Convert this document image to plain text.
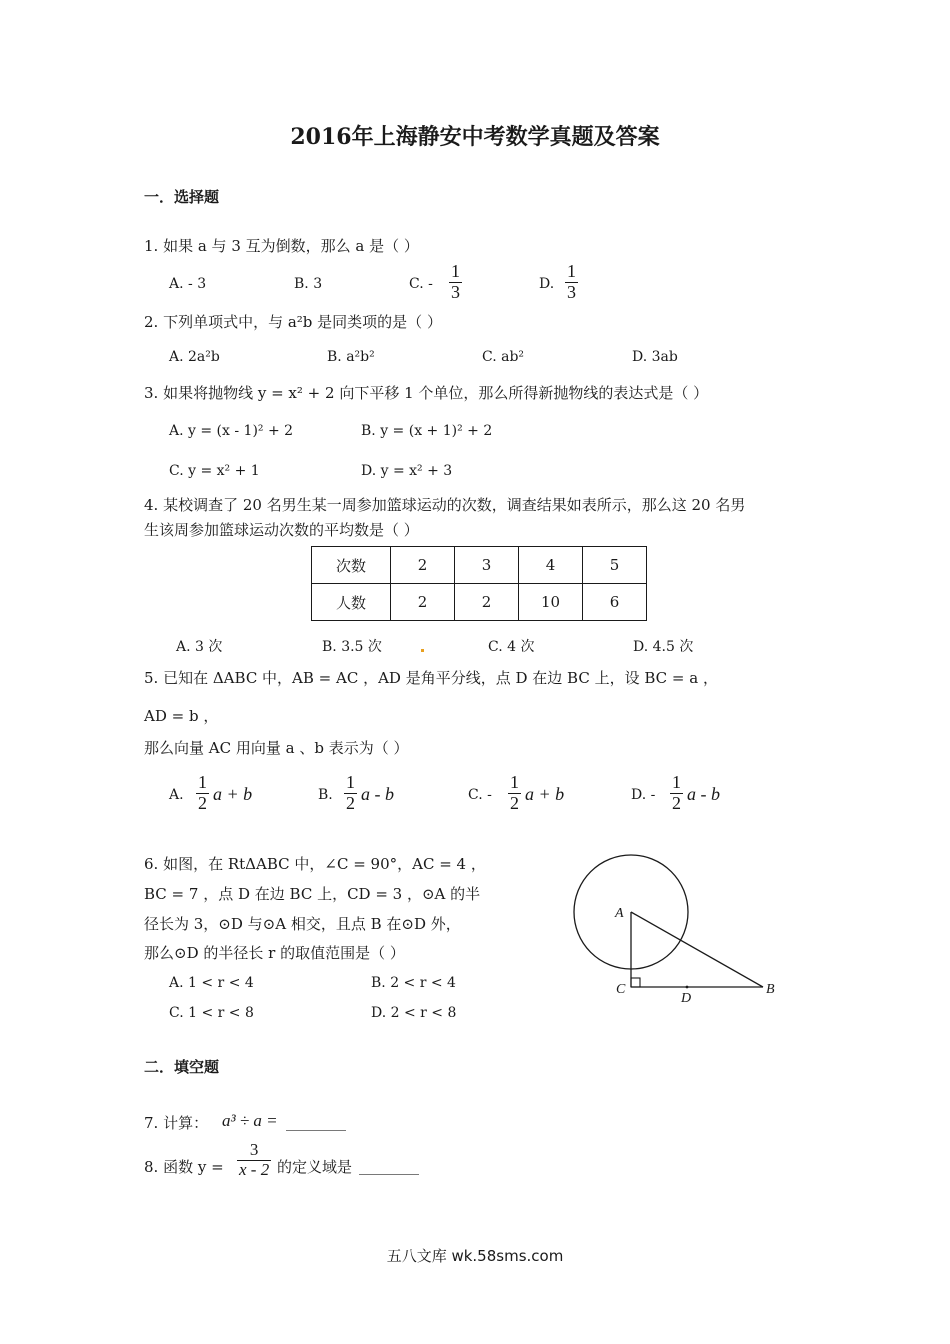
2016年上海静安中考数学真题及答案
一．选择题
1. 如果 a 与 3 互为倒数，那么 a 是（ ）
A. - 3	B. 3	C. - $\frac{1}{3}$	D. $\frac{1}{3}$
2. 下列单项式中，与 a²b 是同类项的是（ ）
A. 2a²b	B. a²b²	C. ab²	D. 3ab
3. 如果将抛物线 y = x² + 2 向下平移 1 个单位，那么所得新抛物线的表达式是（ ）
A. y = (x - 1)² + 2	B. y = (x + 1)² + 2
C. y = x² + 1	D. y = x² + 3
4. 某校调查了 20 名男生某一周参加篮球运动的次数，调查结果如表所示，那么这 20 名男
生该周参加篮球运动次数的平均数是（ ）
次数	2	3	4	5
人数	2	2	10	6
A. 3 次	B. 3.5 次	C. 4 次	D. 4.5 次
5. 已知在 ΔABC 中，AB = AC ，AD 是角平分线，点 D 在边 BC 上，设 BC = a ，
AD = b ，
那么向量 AC 用向量 a 、b 表示为（ ）
A. $\frac{1}{2}$ a + b	B. $\frac{1}{2}$ a - b	C. - $\frac{1}{2}$ a + b	D. - $\frac{1}{2}$ a - b
6. 如图，在 RtΔABC 中，∠C = 90°，AC = 4 ，
BC = 7 ，点 D 在边 BC 上，CD = 3 ，⊙A 的半
径长为 3，⊙D 与⊙A 相交，且点 B 在⊙D 外，
那么⊙D 的半径长 r 的取值范围是（ ）
A. 1 < r < 4	B. 2 < r < 4
C. 1 < r < 8	D. 2 < r < 8
A
C
D
B
二．填空题
7. 计算： a³ ÷ a = ________
8. 函数 $y = \frac{3}{x - 2}$ 的定义域是 ________
五八文库 wk.58sms.com
